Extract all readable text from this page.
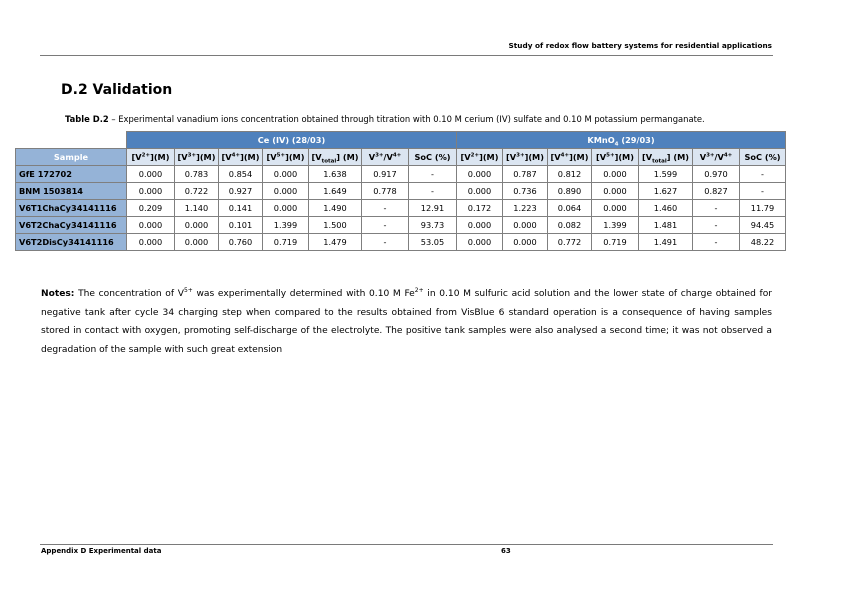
Study of redox flow battery systems for residential applications
D.2 Validation
Table D.2 – Experimental vanadium ions concentration obtained through titration with 0.10 M cerium (IV) sulfate and 0.10 M potassium permanganate.
	Ce (IV) (28/03)							KMnO$_4$ (29/03)						
Sample	$[V^{2+}](M)$	$[V^{3+}](M)$	$[V^{4+}](M)$	$[V^{5+}](M)$	$[V_{total}]$ (M)	$V^{3+}/V^{4+}$	SoC (%)	$[V^{2+}](M)$	$[V^{3+}](M)$	$[V^{4+}](M)$	$[V^{5+}](M)$	$[V_{total}]$ (M)	$V^{3+}/V^{4+}$	SoC (%)
GfE 172702	0.000	0.783	0.854	0.000	1.638	0.917	-	0.000	0.787	0.812	0.000	1.599	0.970	-
BNM 1503814	0.000	0.722	0.927	0.000	1.649	0.778	-	0.000	0.736	0.890	0.000	1.627	0.827	-
V6T1ChaCy34141116	0.209	1.140	0.141	0.000	1.490	-	12.91	0.172	1.223	0.064	0.000	1.460	-	11.79
V6T2ChaCy34141116	0.000	0.000	0.101	1.399	1.500	-	93.73	0.000	0.000	0.082	1.399	1.481	-	94.45
V6T2DisCy34141116	0.000	0.000	0.760	0.719	1.479	-	53.05	0.000	0.000	0.772	0.719	1.491	-	48.22
Notes: The concentration of $V^{5+}$ was experimentally determined with 0.10 M $Fe^{2+}$ in 0.10 M sulfuric acid solution and the lower state of charge obtained for negative tank after cycle 34 charging step when compared to the results obtained from VisBlue 6 standard operation is a consequence of having samples stored in contact with oxygen, promoting self-discharge of the electrolyte. The positive tank samples were also analysed a second time; it was not observed a degradation of the sample with such great extension
Appendix D Experimental data	63
